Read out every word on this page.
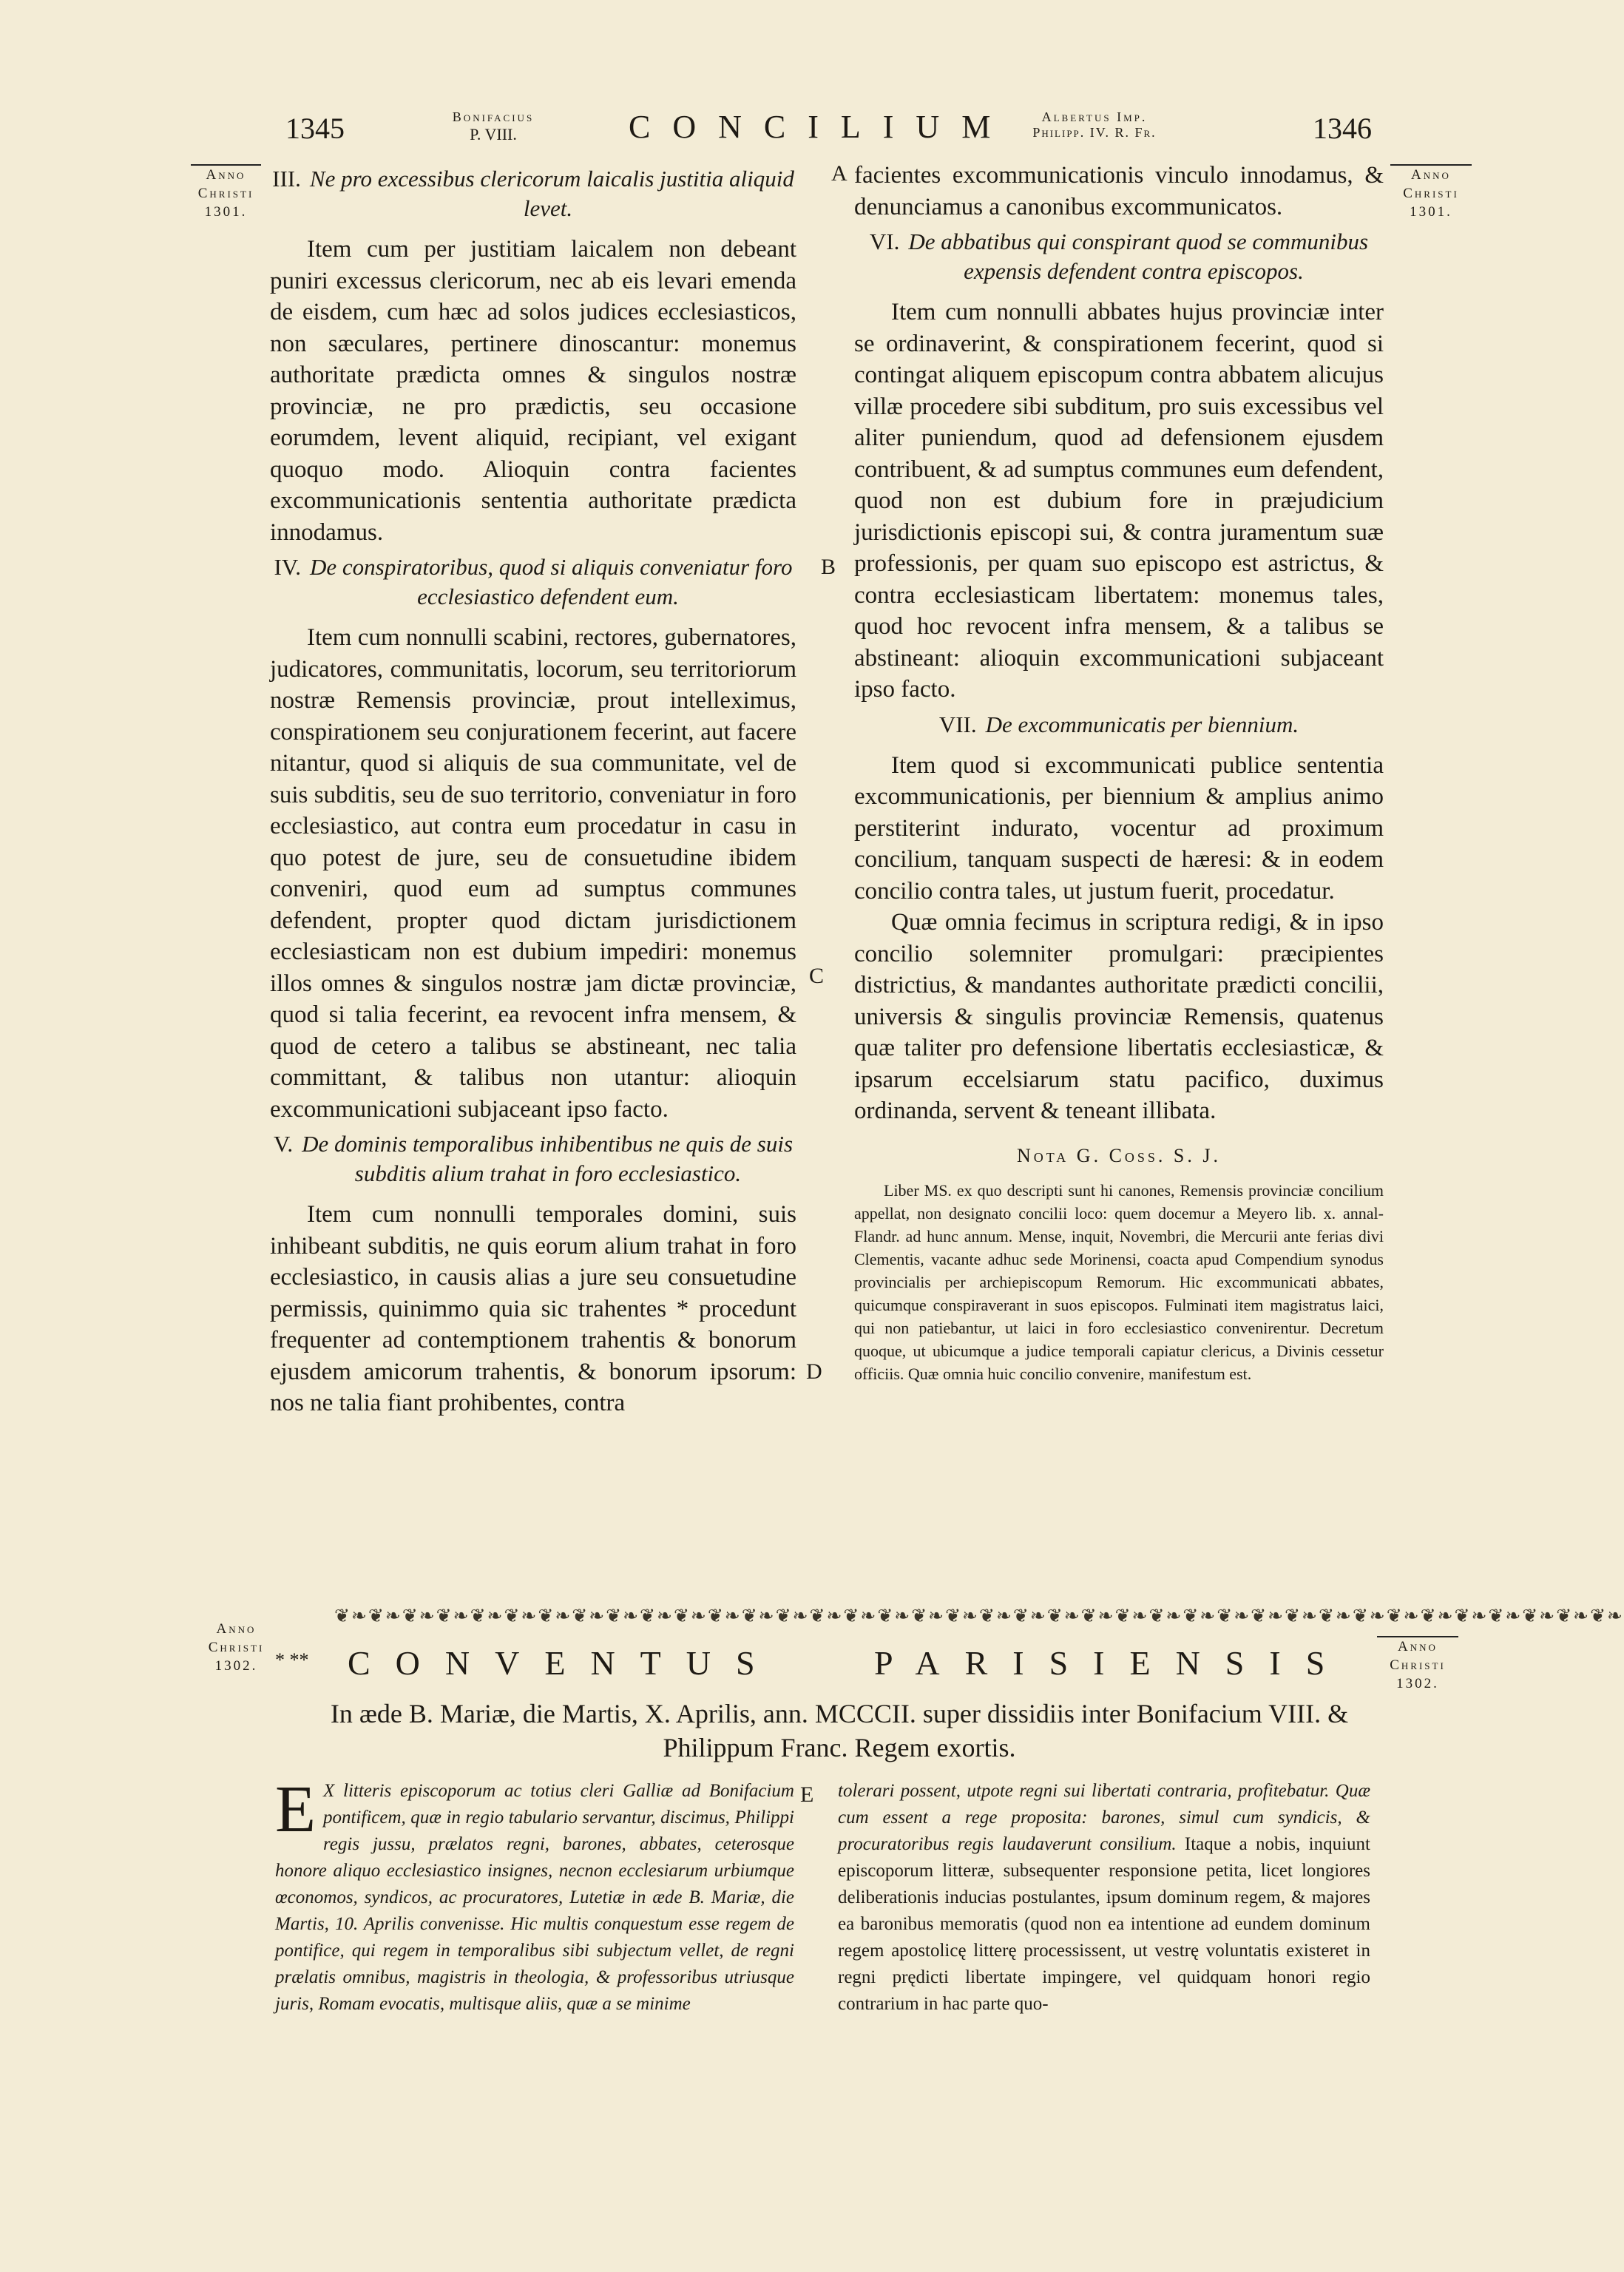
1345	Bonifacius
P. VIII.	CONCILIUM	Albertus Imp.
Philipp. IV. R. Fr.	1346
Anno
Christi
1301.
Anno
Christi
1301.
A
B
C
D
E
III. Ne pro excessibus clericorum laicalis justitia aliquid levet.

Item cum per justitiam laicalem non debeant puniri excessus clericorum, nec ab eis levari emenda de eisdem, cum hæc ad solos judices ecclesiasticos, non sæculares, pertinere dinoscantur: monemus authoritate prædicta omnes & singulos nostræ provinciæ, ne pro prædictis, seu occasione eorumdem, levent aliquid, recipiant, vel exigant quoquo modo. Alioquin contra facientes excommunicationis sententia authoritate prædicta innodamus.

IV. De conspiratoribus, quod si aliquis conveniatur foro ecclesiastico defendent eum.

Item cum nonnulli scabini, rectores, gubernatores, judicatores, communitatis, locorum, seu territoriorum nostræ Remensis provinciæ, prout intelleximus, conspirationem seu conjurationem fecerint, aut facere nitantur, quod si aliquis de sua communitate, vel de suis subditis, seu de suo territorio, conveniatur in foro ecclesiastico, aut contra eum procedatur in casu in quo potest de jure, seu de consuetudine ibidem conveniri, quod eum ad sumptus communes defendent, propter quod dictam jurisdictionem ecclesiasticam non est dubium impediri: monemus illos omnes & singulos nostræ jam dictæ provinciæ, quod si talia fecerint, ea revocent infra mensem, & quod de cetero a talibus se abstineant, nec talia committant, & talibus non utantur: alioquin excommunicationi subjaceant ipso facto.

V. De dominis temporalibus inhibentibus ne quis de suis subditis alium trahat in foro ecclesiastico.

Item cum nonnulli temporales domini, suis inhibeant subditis, ne quis eorum alium trahat in foro ecclesiastico, in causis alias a jure seu consuetudine permissis, quinimmo quia sic trahentes * procedunt frequenter ad contemptionem trahentis & bonorum ejusdem amicorum trahentis, & bonorum ipsorum: nos ne talia fiant prohibentes, contra

facientes excommunicationis vinculo innodamus, & denunciamus a canonibus excommunicatos.

VI. De abbatibus qui conspirant quod se communibus expensis defendent contra episcopos.

Item cum nonnulli abbates hujus provinciæ inter se ordinaverint, & conspirationem fecerint, quod si contingat aliquem episcopum contra abbatem alicujus villæ procedere sibi subditum, pro suis excessibus vel aliter puniendum, quod ad defensionem ejusdem contribuent, & ad sumptus communes eum defendent, quod non est dubium fore in præjudicium jurisdictionis episcopi sui, & contra juramentum suæ professionis, per quam suo episcopo est astrictus, & contra ecclesiasticam libertatem: monemus tales, quod hoc revocent infra mensem, & a talibus se abstineant: alioquin excommunicationi subjaceant ipso facto.

VII. De excommunicatis per biennium.

Item quod si excommunicati publice sententia excommunicationis, per biennium & amplius animo perstiterint indurato, vocentur ad proximum concilium, tanquam suspecti de hæresi: & in eodem concilio contra tales, ut justum fuerit, procedatur.

Quæ omnia fecimus in scriptura redigi, & in ipso concilio solemniter promulgari: præcipientes districtius, & mandantes authoritate prædicti concilii, universis & singulis provinciæ Remensis, quatenus quæ taliter pro defensione libertatis ecclesiasticæ, & ipsarum eccelsiarum statu pacifico, duximus ordinanda, servent & teneant illibata.

Nota G. Coss. S. J.

Liber MS. ex quo descripti sunt hi canones, Remensis provinciæ concilium appellat, non designato concilii loco: quem docemur a Meyero lib. x. annal-Flandr. ad hunc annum. Mense, inquit, Novembri, die Mercurii ante ferias divi Clementis, vacante adhuc sede Morinensi, coacta apud Compendium synodus provincialis per archiepiscopum Remorum. Hic excommunicati abbates, quicumque conspiraverant in suos episcopos. Fulminati item magistratus laici, qui non patiebantur, ut laici in foro ecclesiastico convenirentur. Decretum quoque, ut ubicumque a judice temporali capiatur clericus, a Divinis cessetur officiis. Quæ omnia huic concilio convenire, manifestum est.

❦❧❦❧❦❧❦❧❦❧❦❧❦❧❦❧❦❧❦❧❦❧❦❧❦❧❦❧❦❧❦❧❦❧❦❧❦❧❦❧❦❧❦❧❦❧❦❧❦❧❦❧❦❧❦❧❦❧❦❧❦❧❦❧❦❧❦❧❦❧❦❧❦❧❦❧
Anno
Christi
1302.
Anno
Christi
1302.
* ** CONVENTUS	PARISIENSIS
In æde B. Mariæ, die Martis, X. Aprilis, ann. MCCCII. super dissidiis inter Bonifacium VIII. & Philippum Franc. Regem exortis.
E X litteris episcoporum ac totius cleri Galliæ ad Bonifacium pontificem, quæ in regio tabulario servantur, discimus, Philippi regis jussu, prælatos regni, barones, abbates, ceterosque honore aliquo ecclesiastico insignes, necnon ecclesiarum urbiumque œconomos, syndicos, ac procuratores, Lutetiæ in æde B. Mariæ, die Martis, 10. Aprilis convenisse. Hic multis conquestum esse regem de pontifice, qui regem in temporalibus sibi subjectum vellet, de regni prælatis omnibus, magistris in theologia, & professoribus utriusque juris, Romam evocatis, multisque aliis, quæ a se minime

tolerari possent, utpote regni sui libertati contraria, profitebatur. Quæ cum essent a rege proposita: barones, simul cum syndicis, & procuratoribus regis laudaverunt consilium. Itaque a nobis, inquiunt episcoporum litteræ, subsequenter responsione petita, licet longiores deliberationis inducias postulantes, ipsum dominum regem, & majores ea baronibus memoratis (quod non ea intentione ad eundem dominum regem apostolicę litterę processissent, ut vestrę voluntatis existeret in regni prędicti libertate impingere, vel quidquam honori regio contrarium in hac parte quo-
